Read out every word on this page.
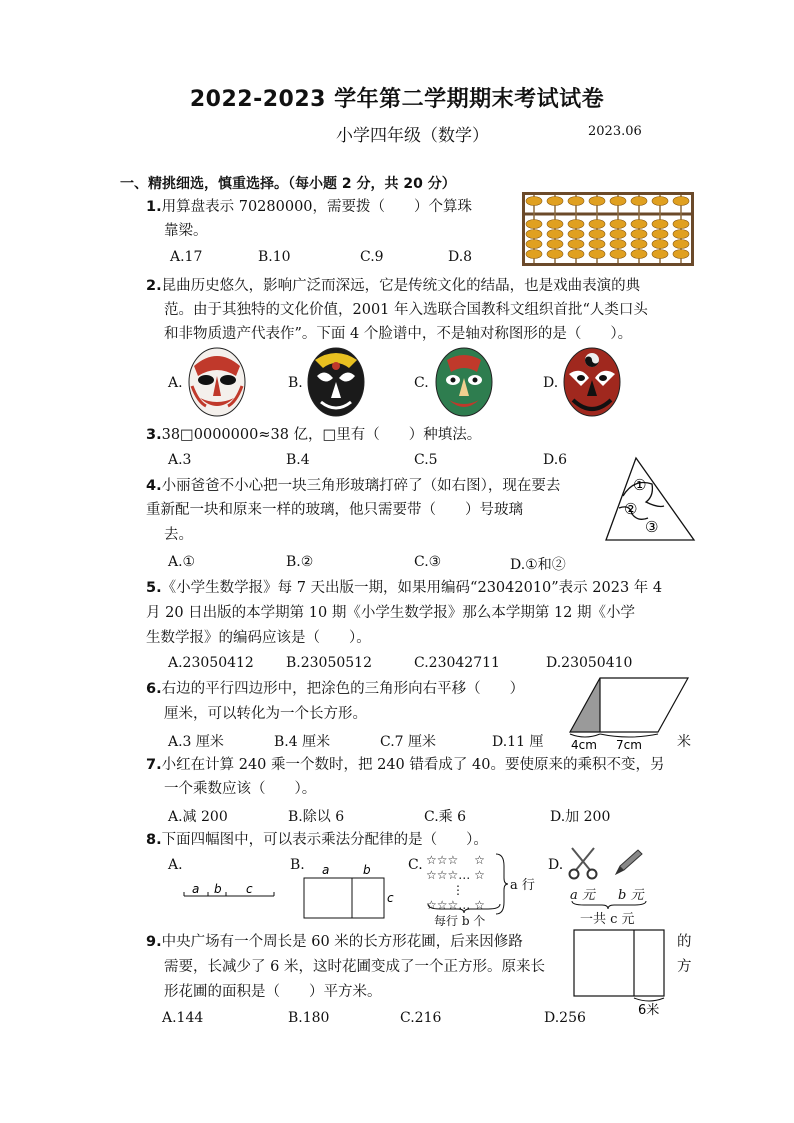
2022-2023 学年第二学期期末考试试卷
小学四年级（数学）	2023.06
一、精挑细选，慎重选择。（每小题 2 分，共 20 分）
1.用算盘表示 70280000，需要拨（　　）个算珠
靠梁。
A.17	B.10	C.9	D.8
2.昆曲历史悠久，影响广泛而深远，它是传统文化的结晶，也是戏曲表演的典
范。由于其独特的文化价值，2001 年入选联合国教科文组织首批“人类口头
和非物质遗产代表作”。下面 4 个脸谱中，不是轴对称图形的是（　　）。
A.	B.	C.	D.
3.38□0000000≈38 亿，□里有（　　）种填法。
A.3	B.4	C.5	D.6
4.小丽爸爸不小心把一块三角形玻璃打碎了（如右图），现在要去
重新配一块和原来一样的玻璃，他只需要带（　　）号玻璃
去。
A.①	B.②	C.③	D.①和②
①
②
③
5.《小学生数学报》每 7 天出版一期，如果用编码“23042010”表示 2023 年 4
月 20 日出版的本学期第 10 期《小学生数学报》那么本学期第 12 期《小学
生数学报》的编码应该是（　　）。
A.23050412 B.23050512	C.23042711	D.23050410
6.右边的平行四边形中，把涂色的三角形向右平移（　　）
厘米，可以转化为一个长方形。
A.3 厘米	B.4 厘米	C.7 厘米	D.11 厘	米
4cm 7cm
7.小红在计算 240 乘一个数时，把 240 错看成了 40。要使原来的乘积不变，另
一个乘数应该（　　）。
A.减 200	B.除以 6	C.乘 6	D.加 200
8.下面四幅图中，可以表示乘法分配律的是（　　）。
A.	B.	C.	D.
a b c
a	b
c
☆☆☆　 ☆
☆☆☆… ☆
⋮
☆☆☆… ☆
a 行
每行 b 个
a 元 b 元
一共 c 元
9.中央广场有一个周长是 60 米的长方形花圃，后来因修路
需要，长减少了 6 米，这时花圃变成了一个正方形。原来长
形花圃的面积是（　　）平方米。
的
方
6米
A.144	B.180	C.216	D.256
